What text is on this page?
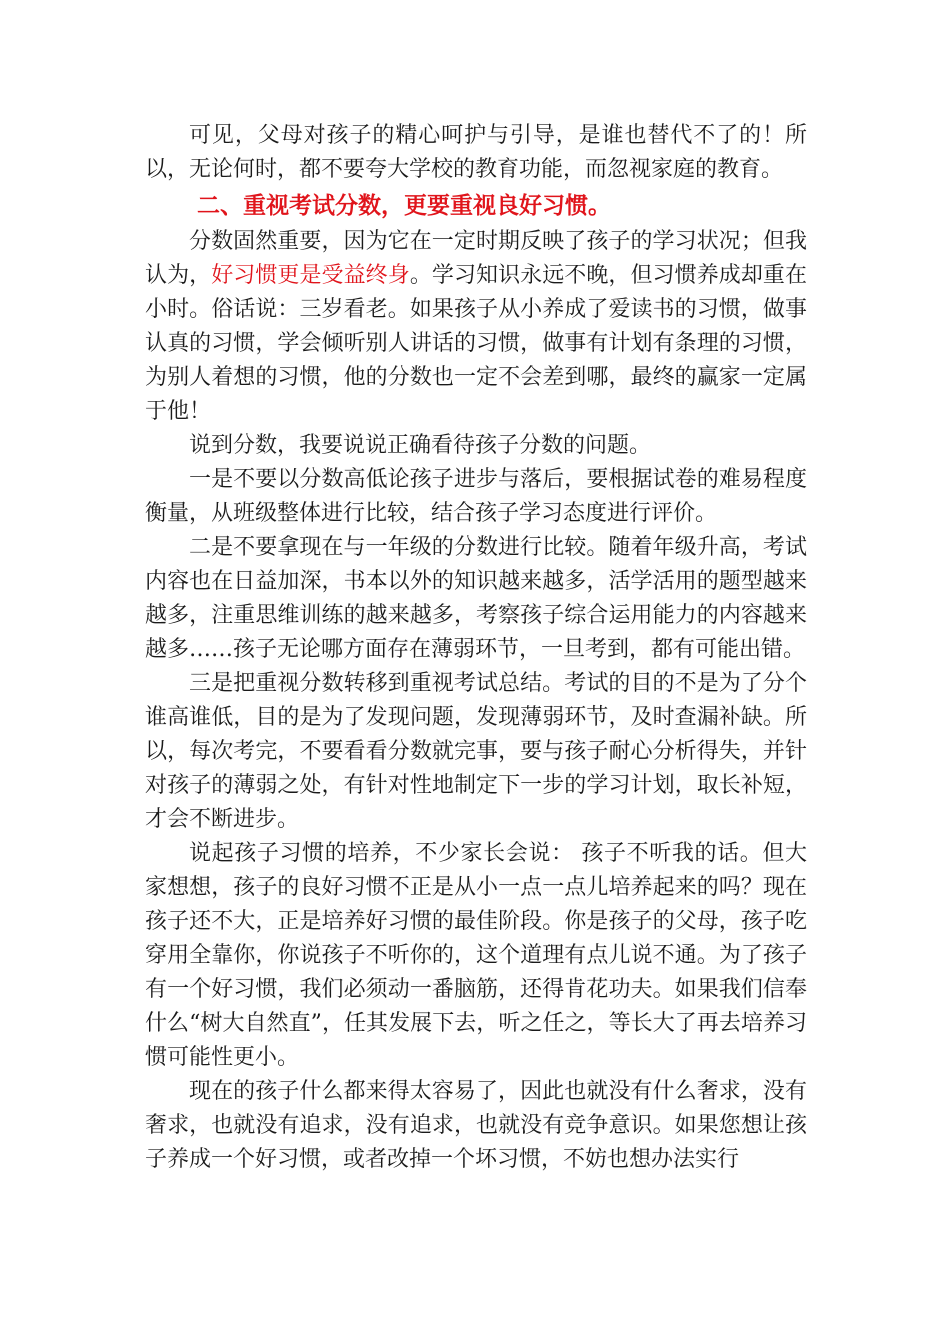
可见，父母对孩子的精心呵护与引导，是谁也替代不了的！所以，无论何时，都不要夸大学校的教育功能，而忽视家庭的教育。

二、重视考试分数，更要重视良好习惯。

分数固然重要，因为它在一定时期反映了孩子的学习状况；但我认为，好习惯更是受益终身。学习知识永远不晚，但习惯养成却重在小时。俗话说：三岁看老。如果孩子从小养成了爱读书的习惯，做事认真的习惯，学会倾听别人讲话的习惯，做事有计划有条理的习惯，为别人着想的习惯，他的分数也一定不会差到哪，最终的赢家一定属于他！

说到分数，我要说说正确看待孩子分数的问题。

一是不要以分数高低论孩子进步与落后，要根据试卷的难易程度衡量，从班级整体进行比较，结合孩子学习态度进行评价。

二是不要拿现在与一年级的分数进行比较。随着年级升高，考试内容也在日益加深，书本以外的知识越来越多，活学活用的题型越来越多，注重思维训练的越来越多，考察孩子综合运用能力的内容越来越多……孩子无论哪方面存在薄弱环节，一旦考到，都有可能出错。

三是把重视分数转移到重视考试总结。考试的目的不是为了分个谁高谁低，目的是为了发现问题，发现薄弱环节，及时查漏补缺。所以，每次考完，不要看看分数就完事，要与孩子耐心分析得失，并针对孩子的薄弱之处，有针对性地制定下一步的学习计划，取长补短，才会不断进步。

说起孩子习惯的培养，不少家长会说： 孩子不听我的话。但大家想想，孩子的良好习惯不正是从小一点一点儿培养起来的吗？现在孩子还不大，正是培养好习惯的最佳阶段。你是孩子的父母，孩子吃穿用全靠你，你说孩子不听你的，这个道理有点儿说不通。为了孩子有一个好习惯，我们必须动一番脑筋，还得肯花功夫。如果我们信奉什么“树大自然直”，任其发展下去，听之任之，等长大了再去培养习惯可能性更小。

现在的孩子什么都来得太容易了，因此也就没有什么奢求，没有奢求，也就没有追求，没有追求，也就没有竞争意识。如果您想让孩子养成一个好习惯，或者改掉一个坏习惯，不妨也想办法实行
